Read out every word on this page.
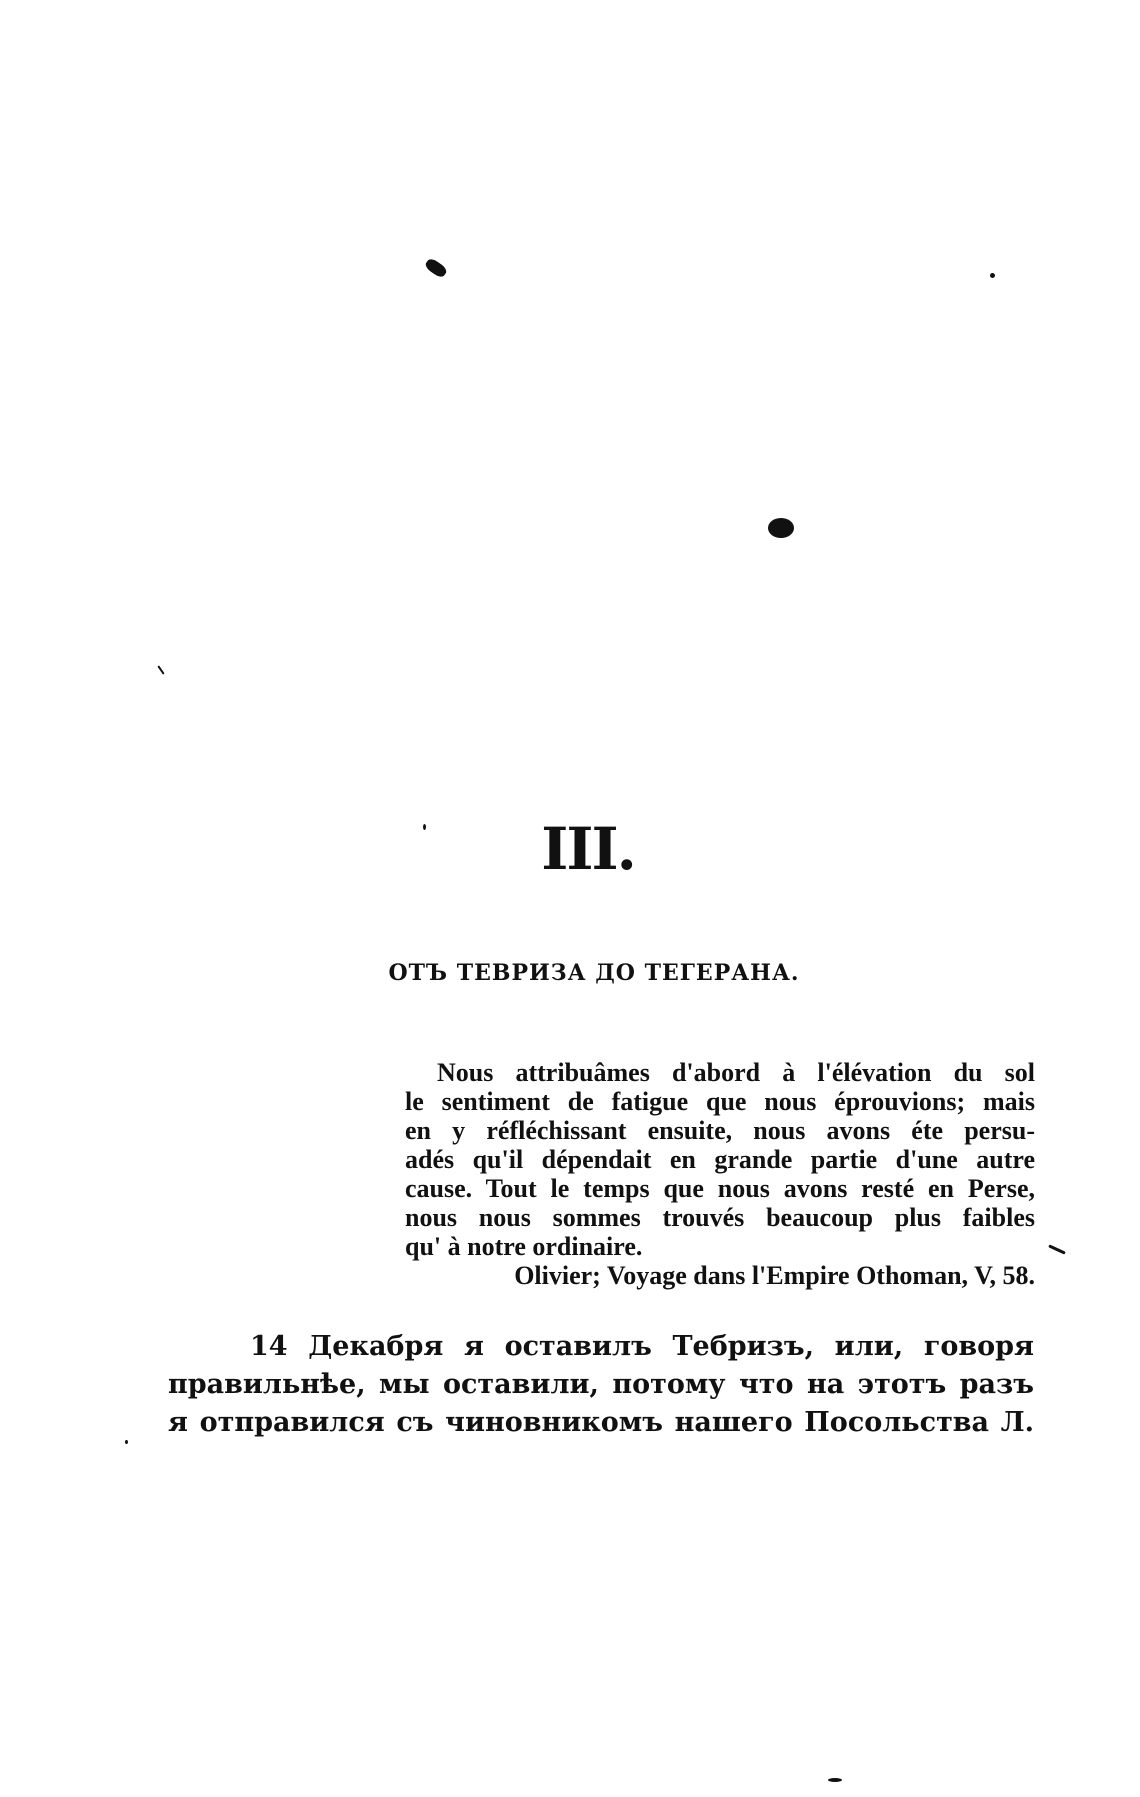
III.
ОТЪ ТЕВРИЗА ДО ТЕГЕРАНА.

Nous attribuâmes d'abord à l'élévation du sol
le sentiment de fatigue que nous éprouvions; mais
en y réfléchissant ensuite, nous avons éte persu-
adés qu'il dépendait en grande partie d'une autre
cause. Tout le temps que nous avons resté en Perse,
nous nous sommes trouvés beaucoup plus faibles
qu' à notre ordinaire.

Olivier; Voyage dans l'Empire Othoman, V, 58.
14 Декабря я оставилъ Тебризъ, или, говоря
правильнѣе, мы оставили, потому что на этотъ разъ
я отправился съ чиновникомъ нашего Посольства Л.
